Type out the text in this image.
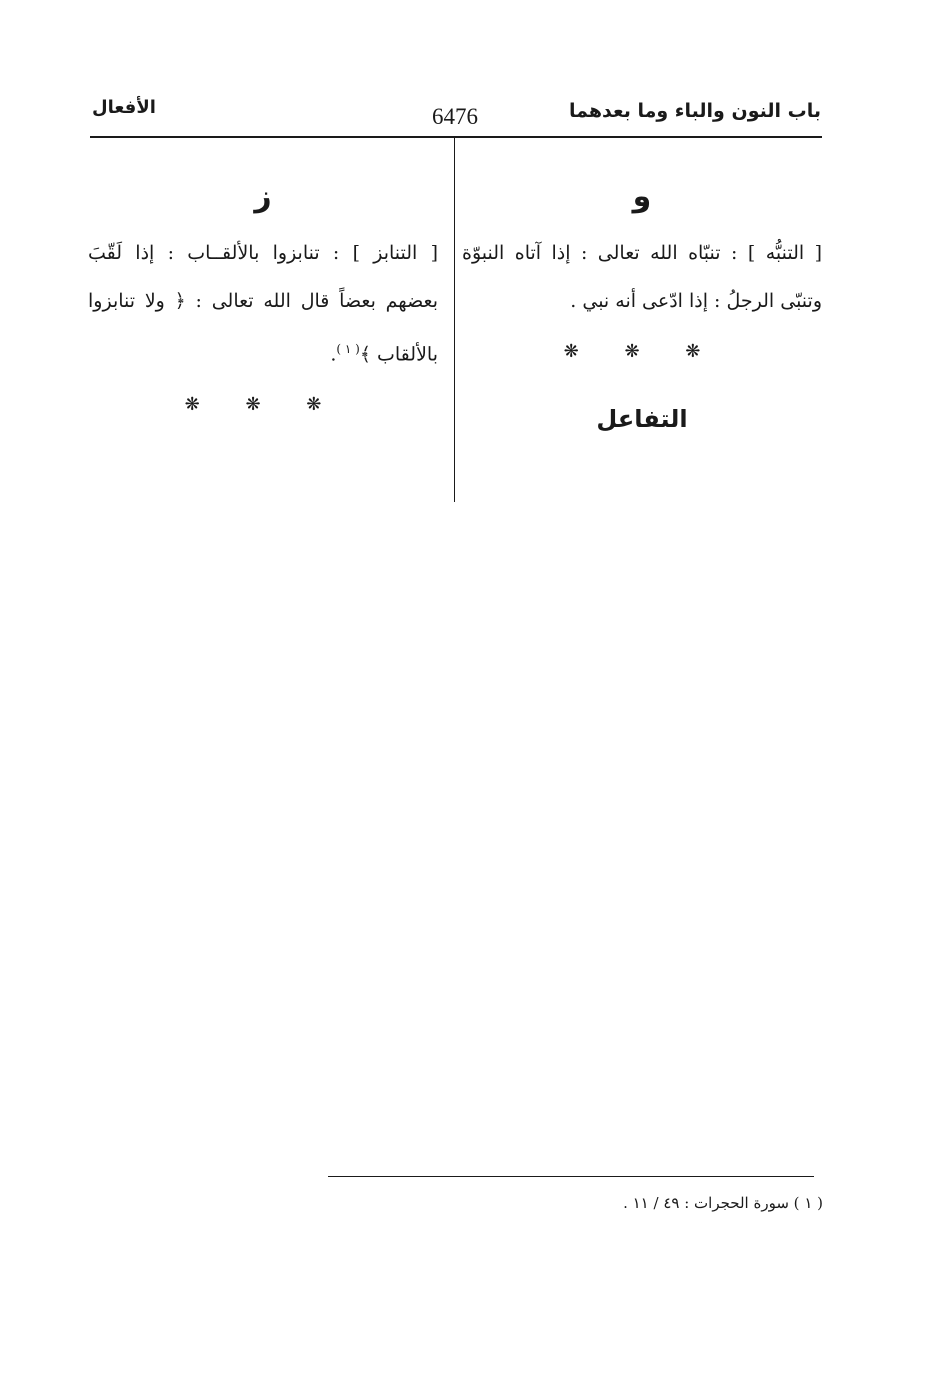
باب النون والباء وما بعدهما
6476
الأفعال
و

[ التنبُّه ] : تنبّاه الله تعالى : إذا آتاه النبوّة وتنبّى الرجلُ : إذا ادّعى أنه نبي .

❋ ❋ ❋
التفاعل
ز

[ التنابز ] : تنابزوا بالألقــاب : إذا لَقّبَ بعضهم بعضاً قال الله تعالى : ﴿ ولا تنابزوا بالألقاب ﴾$^{( ١ )}$.

❋ ❋ ❋
( ١ ) سورة الحجرات : ٤٩ / ١١ .
